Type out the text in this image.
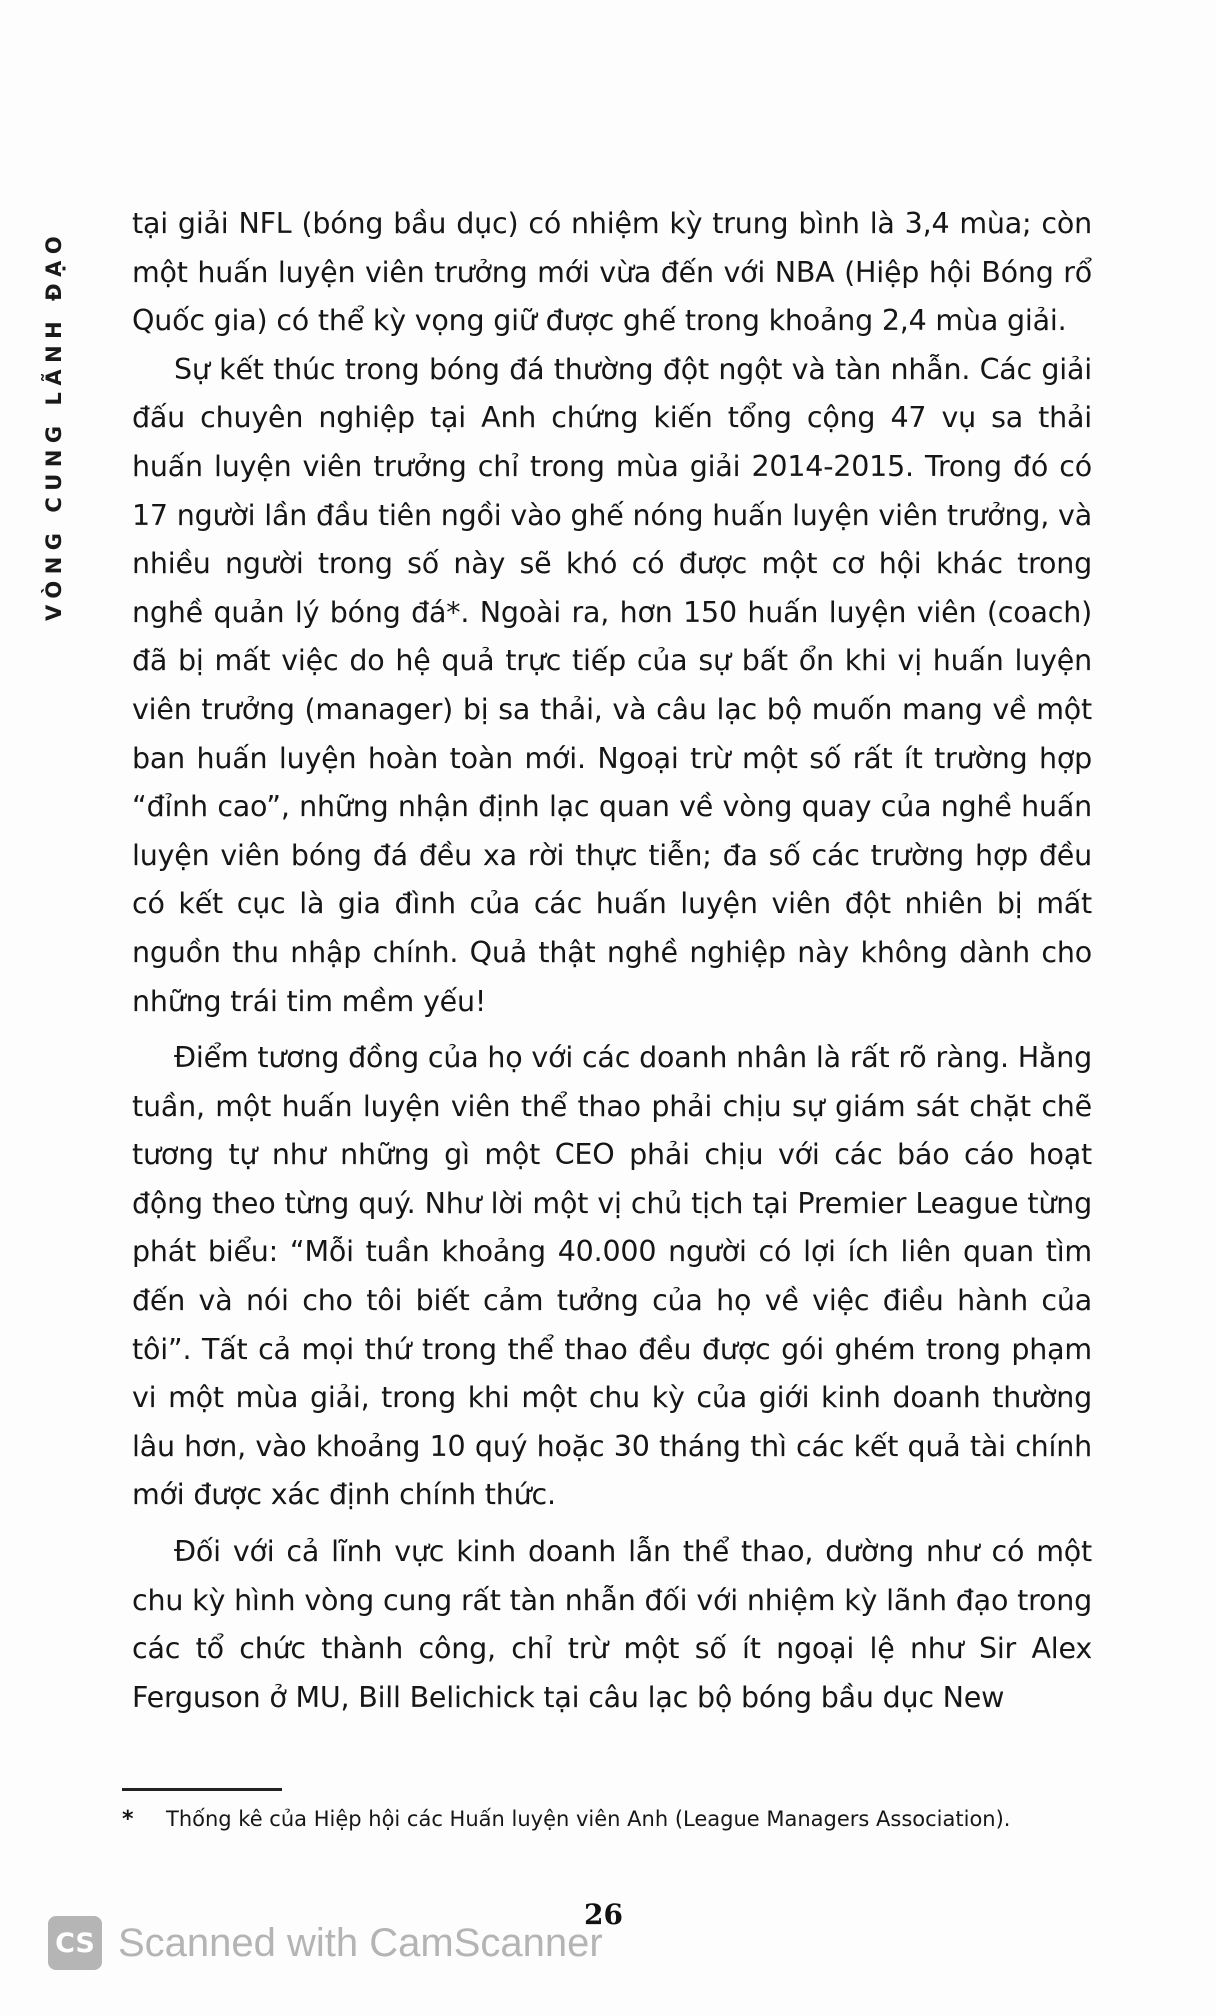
VÒNG CUNG LÃNH ĐẠO

tại giải NFL (bóng bầu dục) có nhiệm kỳ trung bình là 3,4 mùa; còn một huấn luyện viên trưởng mới vừa đến với NBA (Hiệp hội Bóng rổ Quốc gia) có thể kỳ vọng giữ được ghế trong khoảng 2,4 mùa giải.

Sự kết thúc trong bóng đá thường đột ngột và tàn nhẫn. Các giải đấu chuyên nghiệp tại Anh chứng kiến tổng cộng 47 vụ sa thải huấn luyện viên trưởng chỉ trong mùa giải 2014-2015. Trong đó có 17 người lần đầu tiên ngồi vào ghế nóng huấn luyện viên trưởng, và nhiều người trong số này sẽ khó có được một cơ hội khác trong nghề quản lý bóng đá*. Ngoài ra, hơn 150 huấn luyện viên (coach) đã bị mất việc do hệ quả trực tiếp của sự bất ổn khi vị huấn luyện viên trưởng (manager) bị sa thải, và câu lạc bộ muốn mang về một ban huấn luyện hoàn toàn mới. Ngoại trừ một số rất ít trường hợp “đỉnh cao”, những nhận định lạc quan về vòng quay của nghề huấn luyện viên bóng đá đều xa rời thực tiễn; đa số các trường hợp đều có kết cục là gia đình của các huấn luyện viên đột nhiên bị mất nguồn thu nhập chính. Quả thật nghề nghiệp này không dành cho những trái tim mềm yếu!

Điểm tương đồng của họ với các doanh nhân là rất rõ ràng. Hằng tuần, một huấn luyện viên thể thao phải chịu sự giám sát chặt chẽ tương tự như những gì một CEO phải chịu với các báo cáo hoạt động theo từng quý. Như lời một vị chủ tịch tại Premier League từng phát biểu: “Mỗi tuần khoảng 40.000 người có lợi ích liên quan tìm đến và nói cho tôi biết cảm tưởng của họ về việc điều hành của tôi”. Tất cả mọi thứ trong thể thao đều được gói ghém trong phạm vi một mùa giải, trong khi một chu kỳ của giới kinh doanh thường lâu hơn, vào khoảng 10 quý hoặc 30 tháng thì các kết quả tài chính mới được xác định chính thức.

Đối với cả lĩnh vực kinh doanh lẫn thể thao, dường như có một chu kỳ hình vòng cung rất tàn nhẫn đối với nhiệm kỳ lãnh đạo trong các tổ chức thành công, chỉ trừ một số ít ngoại lệ như Sir Alex Ferguson ở MU, Bill Belichick tại câu lạc bộ bóng bầu dục New

* Thống kê của Hiệp hội các Huấn luyện viên Anh (League Managers Association).
26
CS Scanned with CamScanner
